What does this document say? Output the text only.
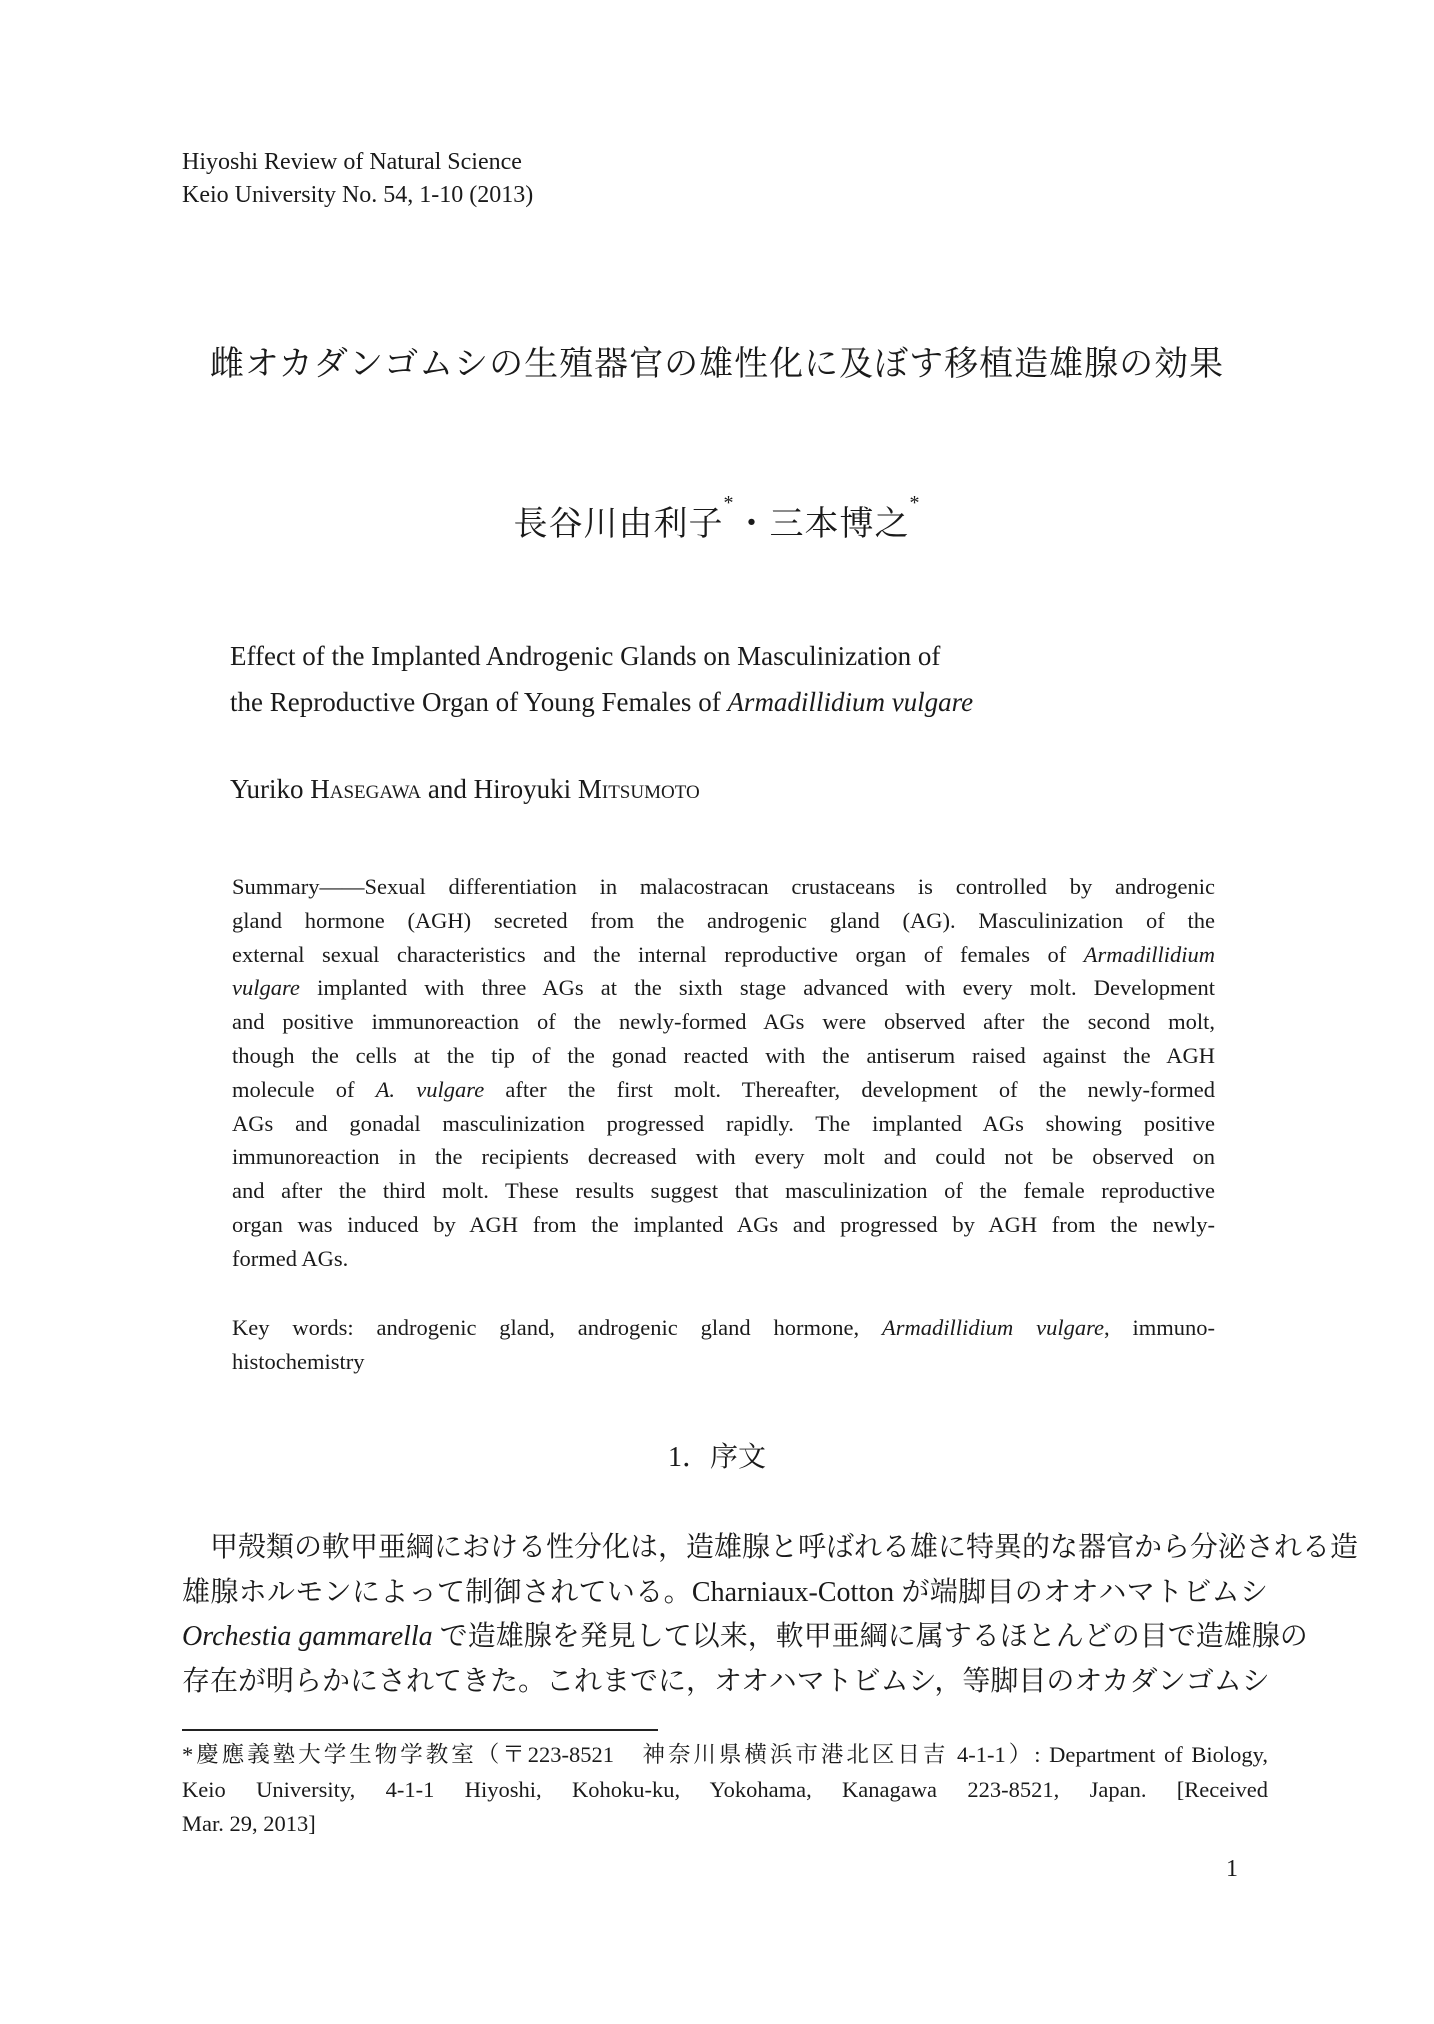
Hiyoshi Review of Natural Science
Keio University No. 54, 1-10 (2013)
雌オカダンゴムシの生殖器官の雄性化に及ぼす移植造雄腺の効果
長谷川由利子*・三本博之*
Effect of the Implanted Androgenic Glands on Masculinization of
the Reproductive Organ of Young Females of Armadillidium vulgare
Yuriko Hasegawa and Hiroyuki Mitsumoto
Summary——Sexual differentiation in malacostracan crustaceans is controlled by androgenic
gland hormone (AGH) secreted from the androgenic gland (AG). Masculinization of the
external sexual characteristics and the internal reproductive organ of females of Armadillidium
vulgare implanted with three AGs at the sixth stage advanced with every molt. Development
and positive immunoreaction of the newly-formed AGs were observed after the second molt,
though the cells at the tip of the gonad reacted with the antiserum raised against the AGH
molecule of A. vulgare after the first molt. Thereafter, development of the newly-formed
AGs and gonadal masculinization progressed rapidly. The implanted AGs showing positive
immunoreaction in the recipients decreased with every molt and could not be observed on
and after the third molt. These results suggest that masculinization of the female reproductive
organ was induced by AGH from the implanted AGs and progressed by AGH from the newly-
formed AGs.
Key words: androgenic gland, androgenic gland hormone, Armadillidium vulgare, immuno-
histochemistry
1．序文
　甲殻類の軟甲亜綱における性分化は，造雄腺と呼ばれる雄に特異的な器官から分泌される造
雄腺ホルモンによって制御されている。Charniaux-Cotton が端脚目のオオハマトビムシ
Orchestia gammarella で造雄腺を発見して以来，軟甲亜綱に属するほとんどの目で造雄腺の
存在が明らかにされてきた。これまでに，オオハマトビムシ，等脚目のオカダンゴムシ
*慶應義塾大学生物学教室（〒223-8521　神奈川県横浜市港北区日吉 4-1-1）: Department of Biology,
Keio University, 4-1-1 Hiyoshi, Kohoku-ku, Yokohama, Kanagawa 223-8521, Japan. [Received
Mar. 29, 2013]
1
